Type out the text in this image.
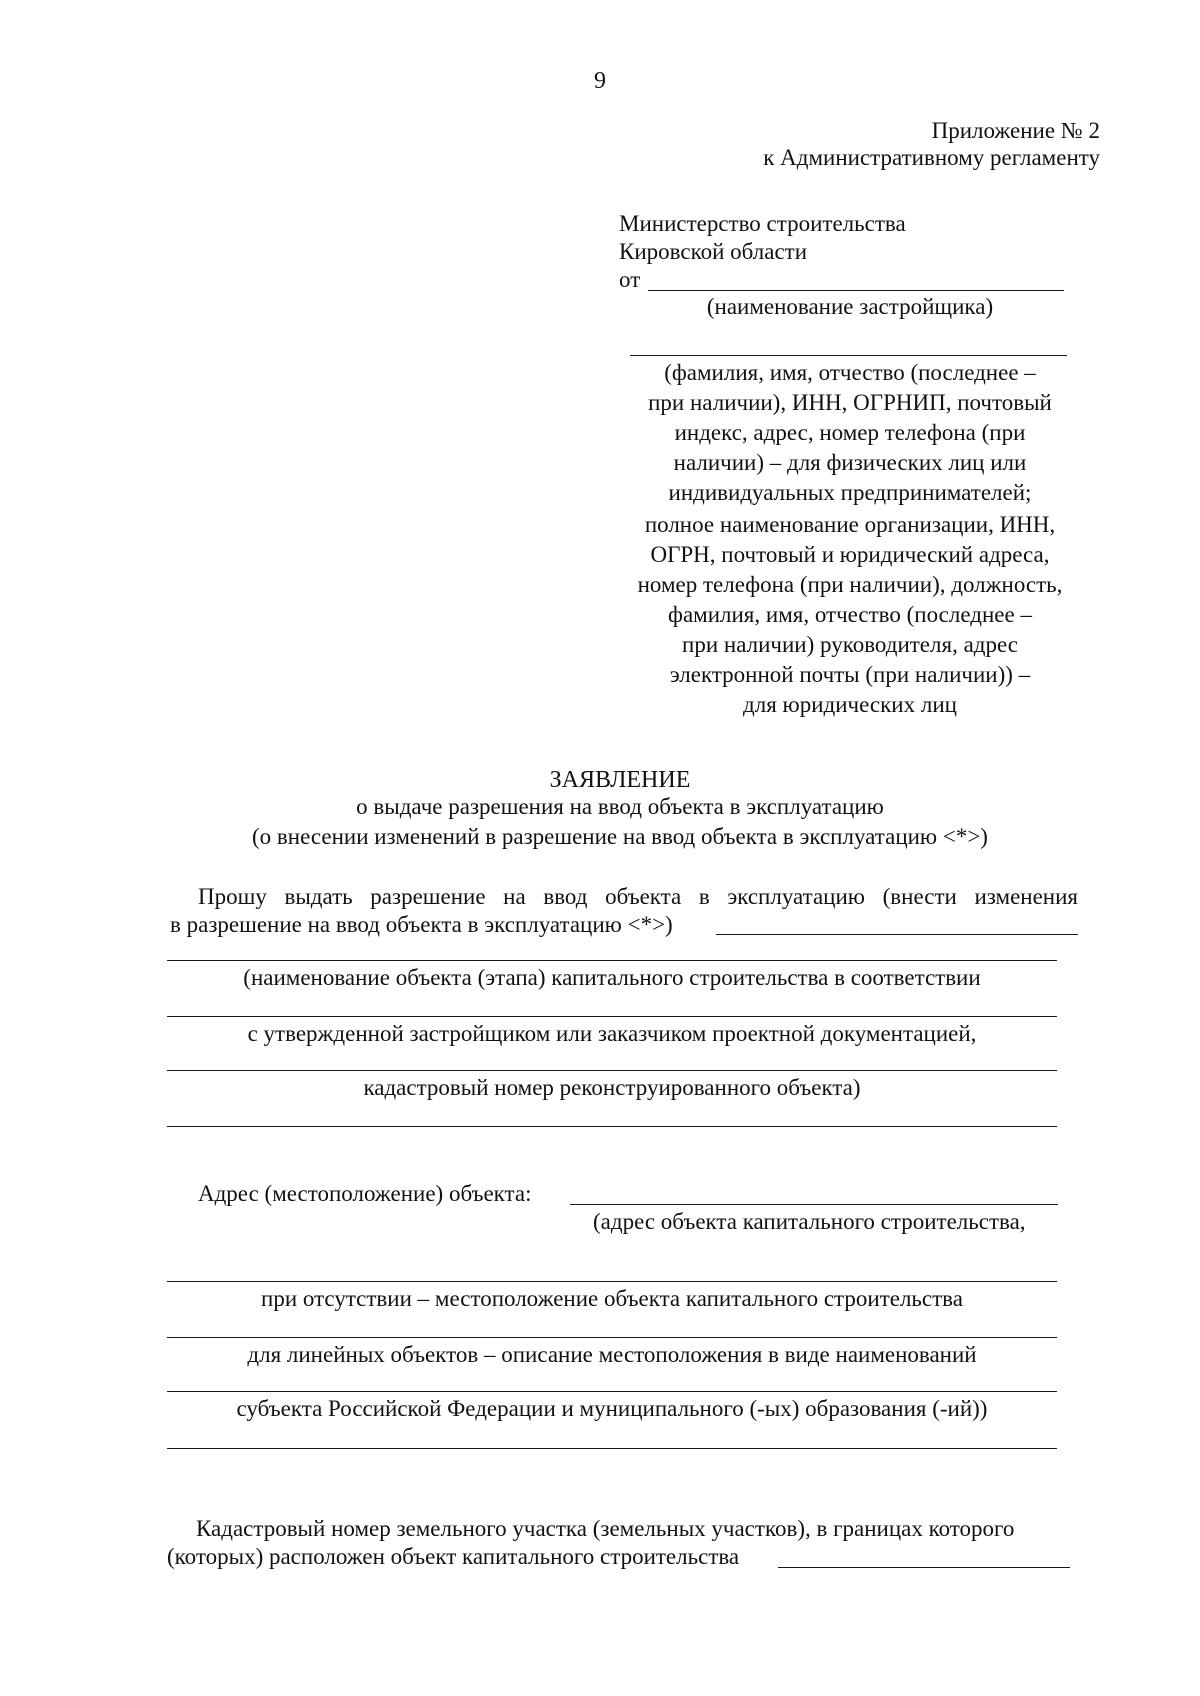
9
Приложение № 2
к Административному регламенту
Министерство строительства
Кировской области
от
(наименование застройщика)
(фамилия, имя, отчество (последнее –
при наличии), ИНН, ОГРНИП, почтовый
индекс, адрес, номер телефона (при
наличии) – для физических лиц или
индивидуальных предпринимателей;
полное наименование организации, ИНН,
ОГРН, почтовый и юридический адреса,
номер телефона (при наличии), должность,
фамилия, имя, отчество (последнее –
при наличии) руководителя, адрес
электронной почты (при наличии)) –
для юридических лиц
ЗАЯВЛЕНИЕ
о выдаче разрешения на ввод объекта в эксплуатацию
(о внесении изменений в разрешение на ввод объекта в эксплуатацию <*>)
Прошу выдать разрешение на ввод объекта в эксплуатацию (внести изменения
в разрешение на ввод объекта в эксплуатацию <*>)
(наименование объекта (этапа) капитального строительства в соответствии
с утвержденной застройщиком или заказчиком проектной документацией,
кадастровый номер реконструированного объекта)
Адрес (местоположение) объекта:
(адрес объекта капитального строительства,
при отсутствии – местоположение объекта капитального строительства
для линейных объектов – описание местоположения в виде наименований
субъекта Российской Федерации и муниципального (-ых) образования (-ий))
Кадастровый номер земельного участка (земельных участков), в границах которого
(которых) расположен объект капитального строительства
